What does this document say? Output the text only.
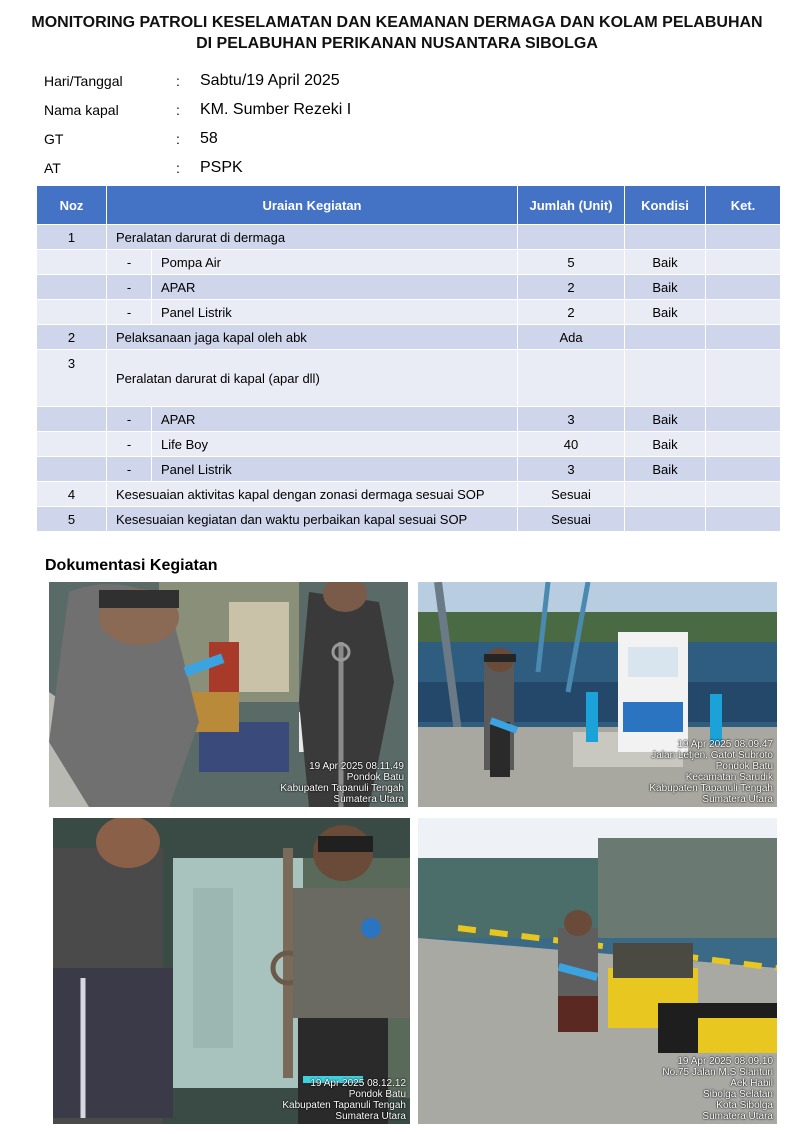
MONITORING PATROLI KESELAMATAN DAN KEAMANAN DERMAGA DAN KOLAM PELABUHAN
DI PELABUHAN PERIKANAN NUSANTARA SIBOLGA
Hari/Tanggal	:	Sabtu/19 April 2025
Nama kapal	:	KM. Sumber Rezeki I
GT	:	58
AT	:	PSPK
Noz	Uraian Kegiatan		Jumlah (Unit)	Kondisi	Ket.
1	Peralatan darurat di dermaga				
	-	Pompa Air	5	Baik	
	-	APAR	2	Baik	
	-	Panel Listrik	2	Baik	
2	Pelaksanaan jaga kapal oleh abk		Ada		
3	Peralatan darurat di kapal (apar dll)				
	-	APAR	3	Baik	
	-	Life Boy	40	Baik	
	-	Panel Listrik	3	Baik	
4	Kesesuaian aktivitas kapal dengan zonasi dermaga sesuai SOP		Sesuai		
5	Kesesuaian kegiatan dan waktu perbaikan kapal sesuai SOP		Sesuai		
Dokumentasi Kegiatan
19 Apr 2025 08.11.49
Pondok Batu
Kabupaten Tapanuli Tengah
Sumatera Utara
19 Apr 2025 08.09.47
Jalan Letjen. Gatot Subroto
Pondok Batu
Kecamatan Sarudik
Kabupaten Tapanuli Tengah
Sumatera Utara
19 Apr 2025 08.12.12
Pondok Batu
Kabupaten Tapanuli Tengah
Sumatera Utara
19 Apr 2025 08.09.10
No.75 Jalan M.S Sianturi
Aek Habil
Sibolga Selatan
Kota Sibolga
Sumatera Utara
